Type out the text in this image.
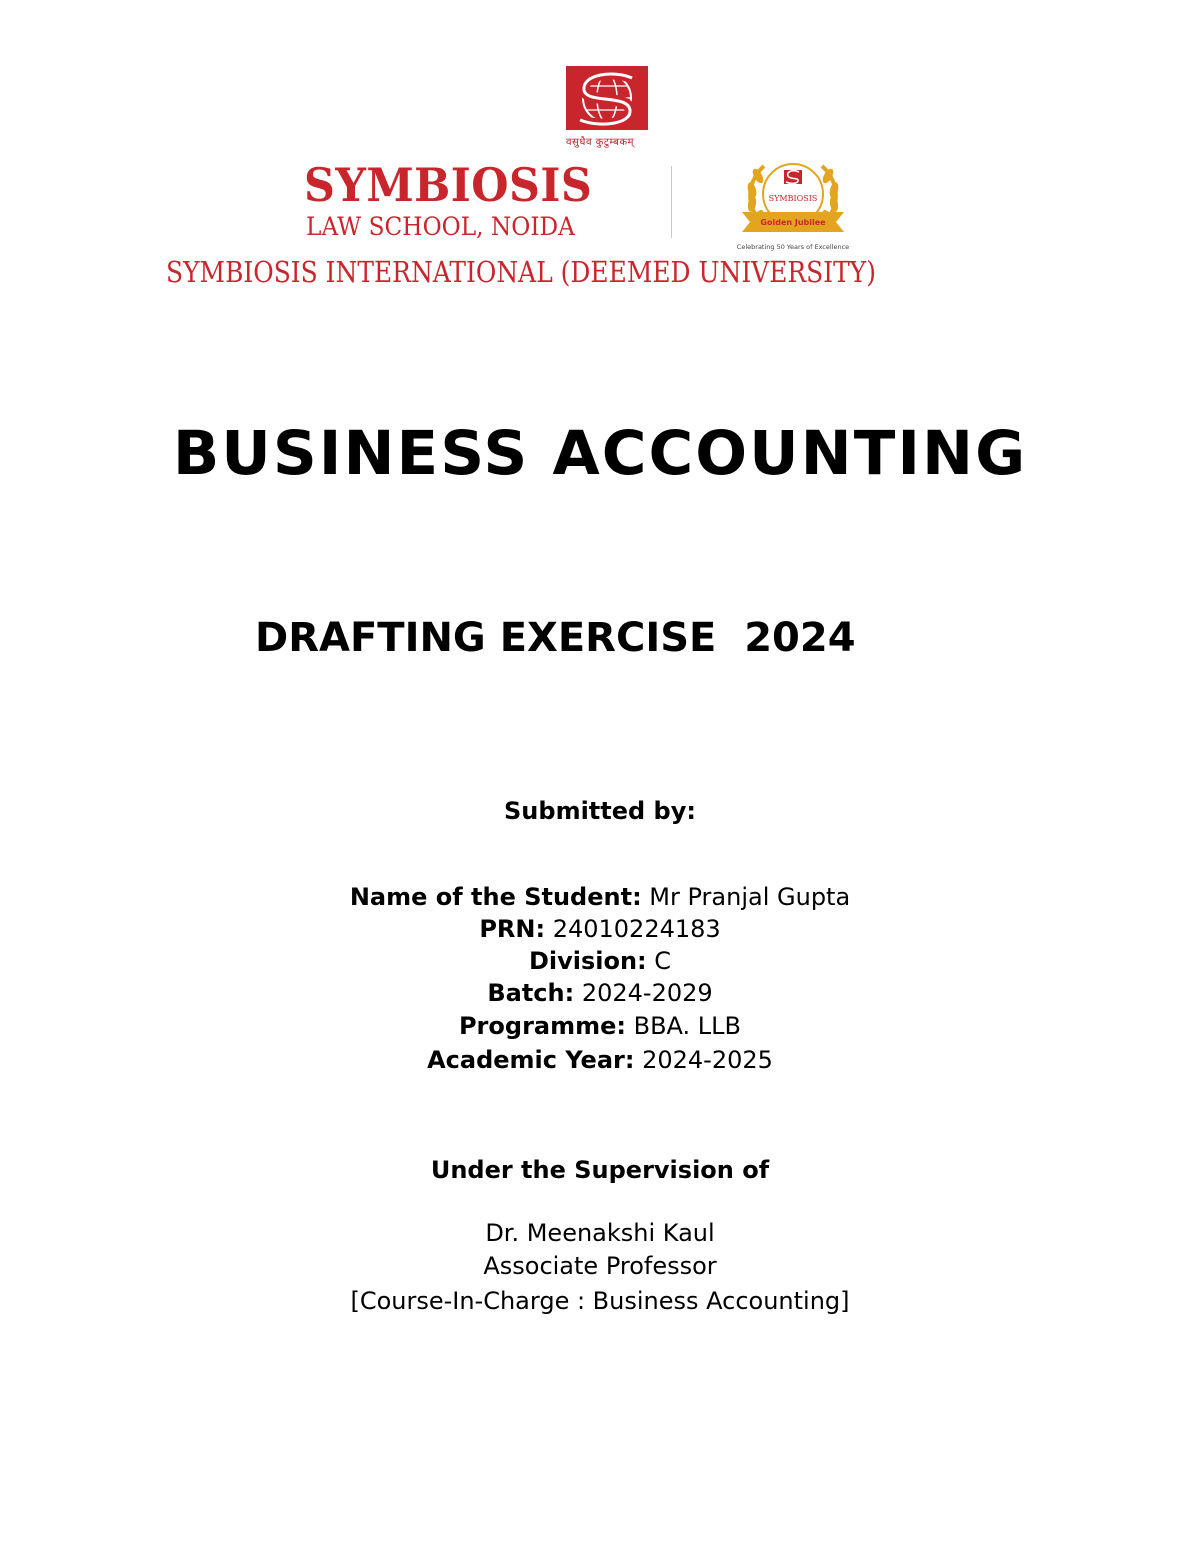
वसुधैव कुटुम्बकम्
SYMBIOSIS
LAW SCHOOL, NOIDA
SYMBIOSIS
Golden Jubilee
Celebrating 50 Years of Excellence
SYMBIOSIS INTERNATIONAL (DEEMED UNIVERSITY)
BUSINESS ACCOUNTING
DRAFTING EXERCISE  2024
Submitted by:
Name of the Student: Mr Pranjal Gupta
PRN: 24010224183
Division: C
Batch: 2024-2029
Programme: BBA. LLB
Academic Year: 2024-2025
Under the Supervision of
Dr. Meenakshi Kaul
Associate Professor
[Course-In-Charge : Business Accounting]
